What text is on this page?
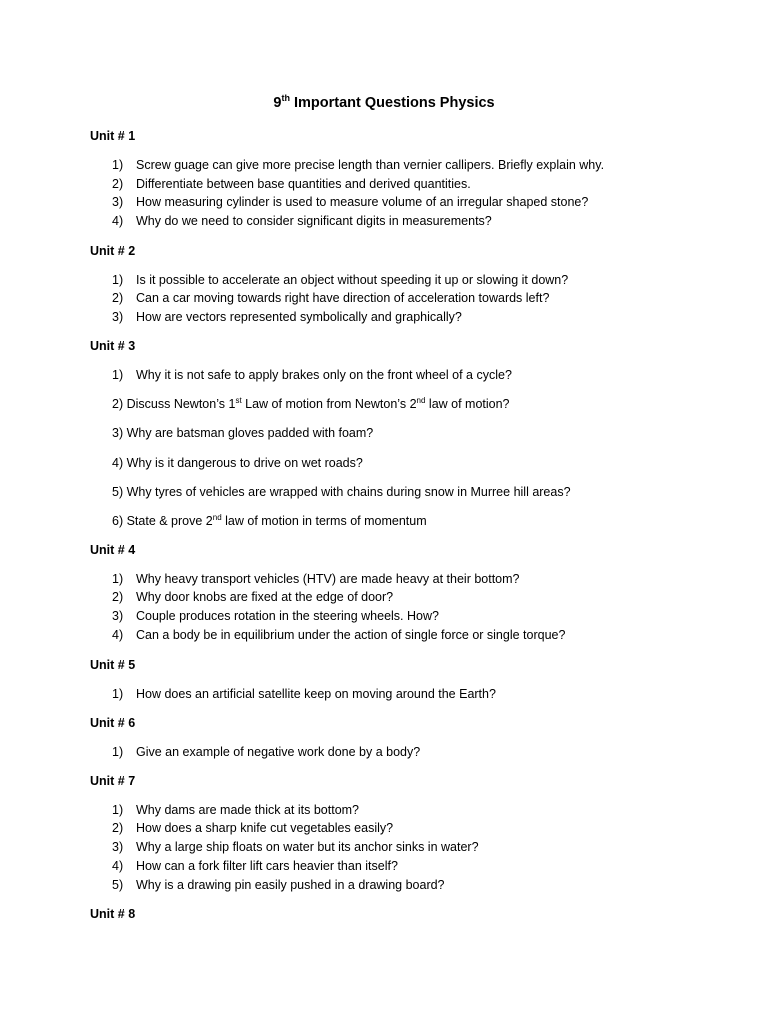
9th Important Questions Physics
Unit # 1
1) Screw guage can give more precise length than vernier callipers. Briefly explain why.
2) Differentiate between base quantities and derived quantities.
3) How measuring cylinder is used to measure volume of an irregular shaped stone?
4) Why do we need to consider significant digits in measurements?
Unit # 2
1) Is it possible to accelerate an object without speeding it up or slowing it down?
2) Can a car moving towards right have direction of acceleration towards left?
3) How are vectors represented symbolically and graphically?
Unit # 3
1) Why it is not safe to apply brakes only on the front wheel of a cycle?
2) Discuss Newton’s 1st Law of motion from Newton’s 2nd law of motion?
3) Why are batsman gloves padded with foam?
4) Why is it dangerous to drive on wet roads?
5) Why tyres of vehicles are wrapped with chains during snow in Murree hill areas?
6) State & prove 2nd law of motion in terms of momentum
Unit # 4
1) Why heavy transport vehicles (HTV) are made heavy at their bottom?
2) Why door knobs are fixed at the edge of door?
3) Couple produces rotation in the steering wheels. How?
4) Can a body be in equilibrium under the action of single force or single torque?
Unit # 5
1) How does an artificial satellite keep on moving around the Earth?
Unit # 6
1) Give an example of negative work done by a body?
Unit # 7
1) Why dams are made thick at its bottom?
2) How does a sharp knife cut vegetables easily?
3) Why a large ship floats on water but its anchor sinks in water?
4) How can a fork filter lift cars heavier than itself?
5) Why is a drawing pin easily pushed in a drawing board?
Unit # 8
